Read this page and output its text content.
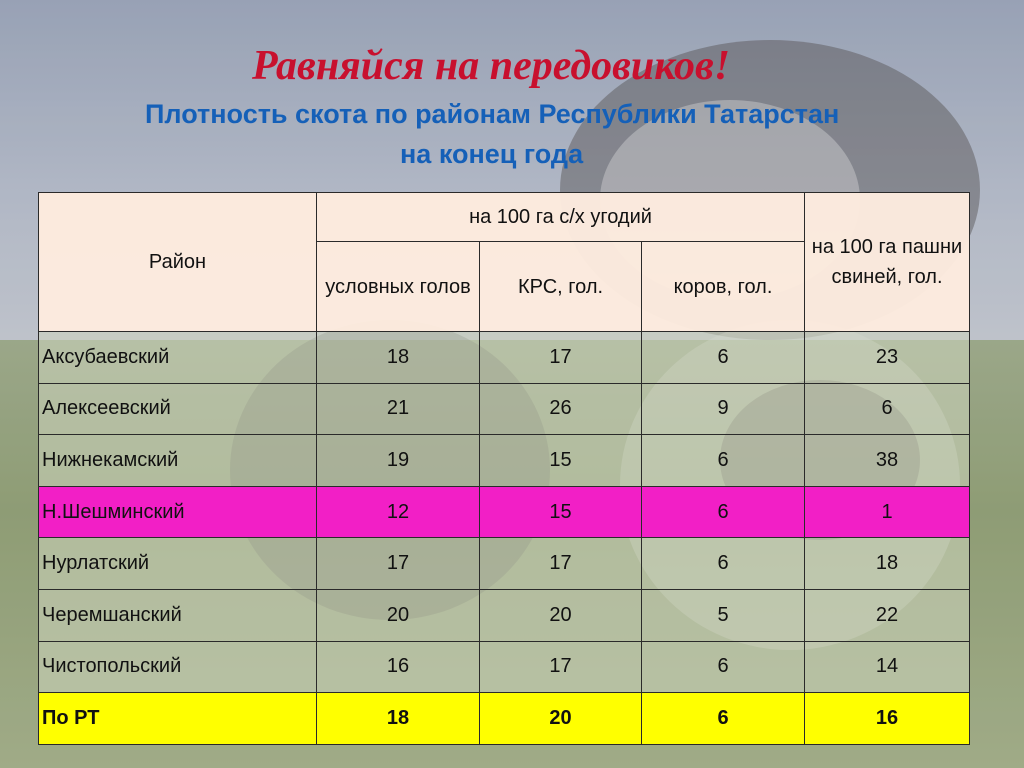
Равняйся на передовиков!
Плотность скота по районам Республики Татарстан
на конец года
Район	на 100 га с/х угодий			на 100 га пашни свиней, гол.
	условных голов	КРС, гол.	коров, гол.	
Аксубаевский	18	17	6	23
Алексеевский	21	26	9	6
Нижнекамский	19	15	6	38
Н.Шешминский	12	15	6	1
Нурлатский	17	17	6	18
Черемшанский	20	20	5	22
Чистопольский	16	17	6	14
По РТ	18	20	6	16
